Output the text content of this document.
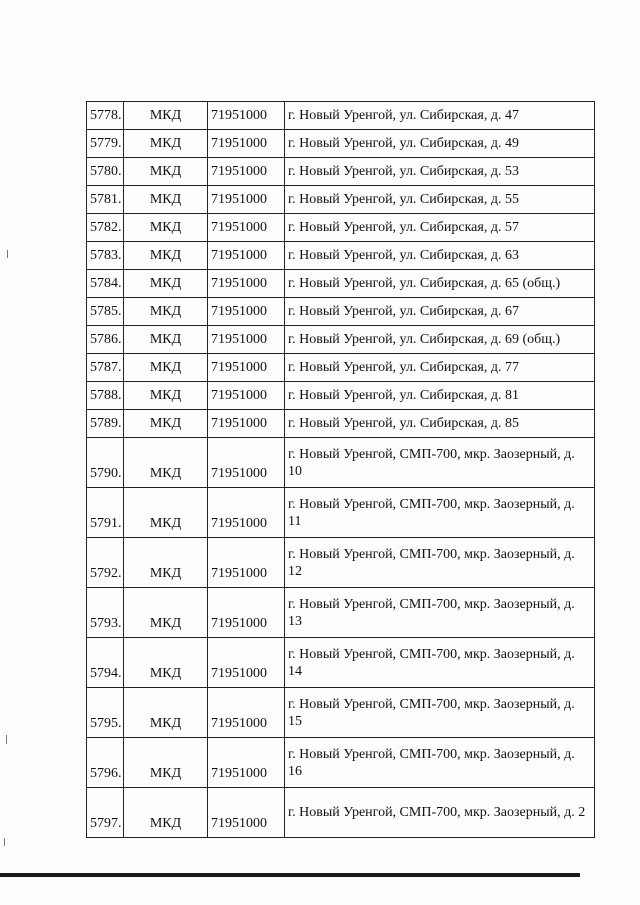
5778.	МКД	71951000	г. Новый Уренгой, ул. Сибирская, д. 47
5779.	МКД	71951000	г. Новый Уренгой, ул. Сибирская, д. 49
5780.	МКД	71951000	г. Новый Уренгой, ул. Сибирская, д. 53
5781.	МКД	71951000	г. Новый Уренгой, ул. Сибирская, д. 55
5782.	МКД	71951000	г. Новый Уренгой, ул. Сибирская, д. 57
5783.	МКД	71951000	г. Новый Уренгой, ул. Сибирская, д. 63
5784.	МКД	71951000	г. Новый Уренгой, ул. Сибирская, д. 65 (общ.)
5785.	МКД	71951000	г. Новый Уренгой, ул. Сибирская, д. 67
5786.	МКД	71951000	г. Новый Уренгой, ул. Сибирская, д. 69 (общ.)
5787.	МКД	71951000	г. Новый Уренгой, ул. Сибирская, д. 77
5788.	МКД	71951000	г. Новый Уренгой, ул. Сибирская, д. 81
5789.	МКД	71951000	г. Новый Уренгой, ул. Сибирская, д. 85
5790.	МКД	71951000	г. Новый Уренгой, СМП-700, мкр. Заозерный, д. 10
5791.	МКД	71951000	г. Новый Уренгой, СМП-700, мкр. Заозерный, д. 11
5792.	МКД	71951000	г. Новый Уренгой, СМП-700, мкр. Заозерный, д. 12
5793.	МКД	71951000	г. Новый Уренгой, СМП-700, мкр. Заозерный, д. 13
5794.	МКД	71951000	г. Новый Уренгой, СМП-700, мкр. Заозерный, д. 14
5795.	МКД	71951000	г. Новый Уренгой, СМП-700, мкр. Заозерный, д. 15
5796.	МКД	71951000	г. Новый Уренгой, СМП-700, мкр. Заозерный, д. 16
5797.	МКД	71951000	г. Новый Уренгой, СМП-700, мкр. Заозерный, д. 2
